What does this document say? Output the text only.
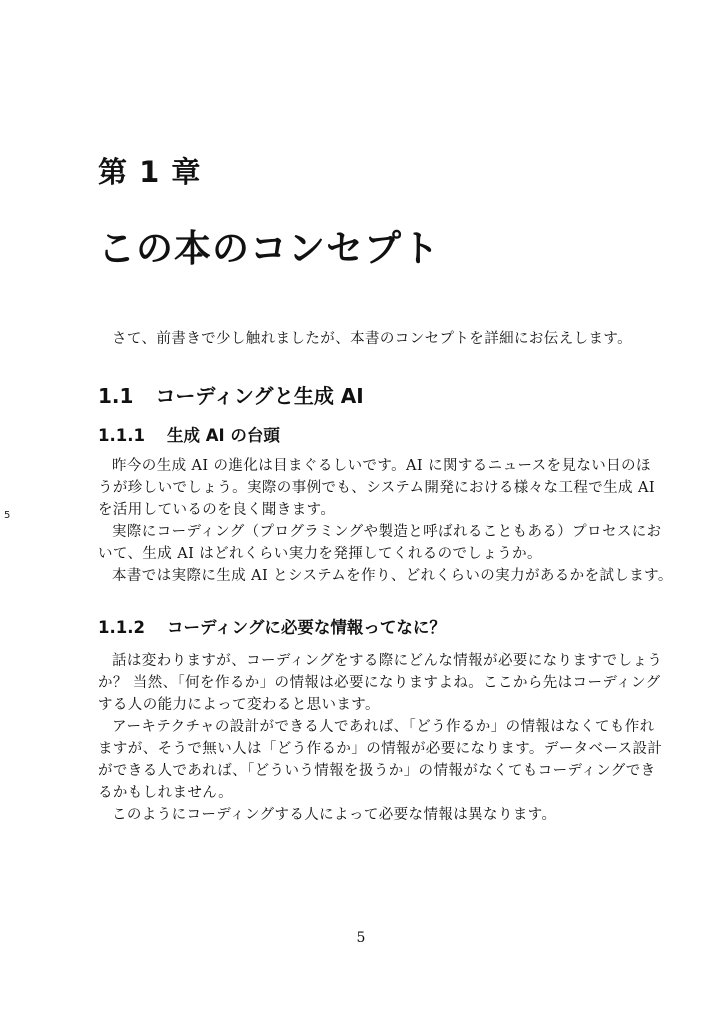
5
第 1 章
この本のコンセプト

さて、前書きで少し触れましたが、本書のコンセプトを詳細にお伝えします。

1.1 コーディングと生成 AI
1.1.1 生成 AI の台頭

昨今の生成 AI の進化は目まぐるしいです。AI に関するニュースを見ない日のほ
うが珍しいでしょう。実際の事例でも、システム開発における様々な工程で生成 AI
を活用しているのを良く聞きます。

実際にコーディング（プログラミングや製造と呼ばれることもある）プロセスにお
いて、生成 AI はどれくらい実力を発揮してくれるのでしょうか。

本書では実際に生成 AI とシステムを作り、どれくらいの実力があるかを試します。

1.1.2 コーディングに必要な情報ってなに？

話は変わりますが、コーディングをする際にどんな情報が必要になりますでしょう
か？ 当然、「何を作るか」の情報は必要になりますよね。ここから先はコーディング
する人の能力によって変わると思います。

アーキテクチャの設計ができる人であれば、「どう作るか」の情報はなくても作れ
ますが、そうで無い人は「どう作るか」の情報が必要になります。データベース設計
ができる人であれば、「どういう情報を扱うか」の情報がなくてもコーディングでき
るかもしれません。

このようにコーディングする人によって必要な情報は異なります。

5
